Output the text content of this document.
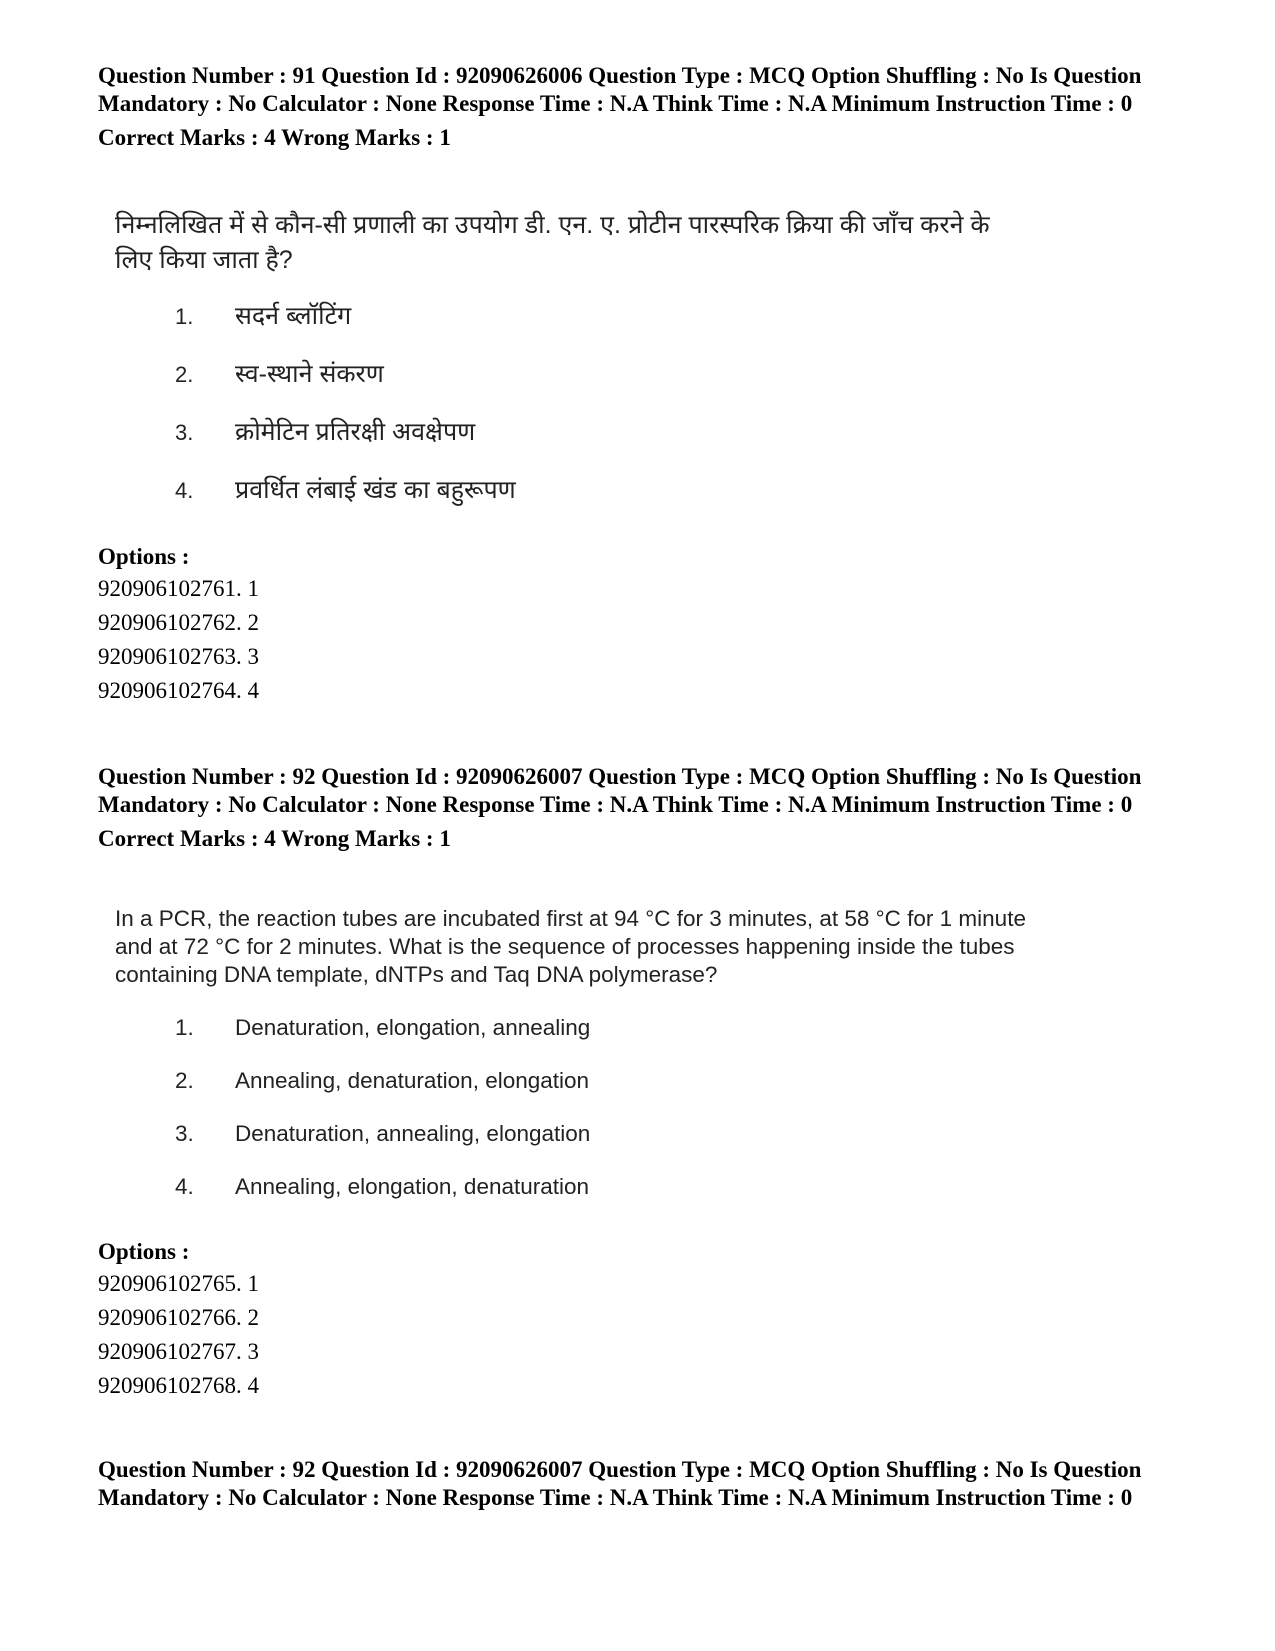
Question Number : 91 Question Id : 92090626006 Question Type : MCQ Option Shuffling : No Is Question Mandatory : No Calculator : None Response Time : N.A Think Time : N.A Minimum Instruction Time : 0

Correct Marks : 4 Wrong Marks : 1

निम्नलिखित में से कौन-सी प्रणाली का उपयोग डी. एन. ए. प्रोटीन पारस्परिक क्रिया की जाँच करने के लिए किया जाता है?

1.	सदर्न ब्लॉटिंग
2.	स्व-स्थाने संकरण
3.	क्रोमेटिन प्रतिरक्षी अवक्षेपण
4.	प्रवर्धित लंबाई खंड का बहुरूपण

Options :

920906102761. 1

920906102762. 2

920906102763. 3

920906102764. 4

Question Number : 92 Question Id : 92090626007 Question Type : MCQ Option Shuffling : No Is Question Mandatory : No Calculator : None Response Time : N.A Think Time : N.A Minimum Instruction Time : 0

Correct Marks : 4 Wrong Marks : 1

In a PCR, the reaction tubes are incubated first at 94 °C for 3 minutes, at 58 °C for 1 minute and at 72 °C for 2 minutes. What is the sequence of processes happening inside the tubes containing DNA template, dNTPs and Taq DNA polymerase?

1.	Denaturation, elongation, annealing
2.	Annealing, denaturation, elongation
3.	Denaturation, annealing, elongation
4.	Annealing, elongation, denaturation

Options :

920906102765. 1

920906102766. 2

920906102767. 3

920906102768. 4

Question Number : 92 Question Id : 92090626007 Question Type : MCQ Option Shuffling : No Is Question Mandatory : No Calculator : None Response Time : N.A Think Time : N.A Minimum Instruction Time : 0
